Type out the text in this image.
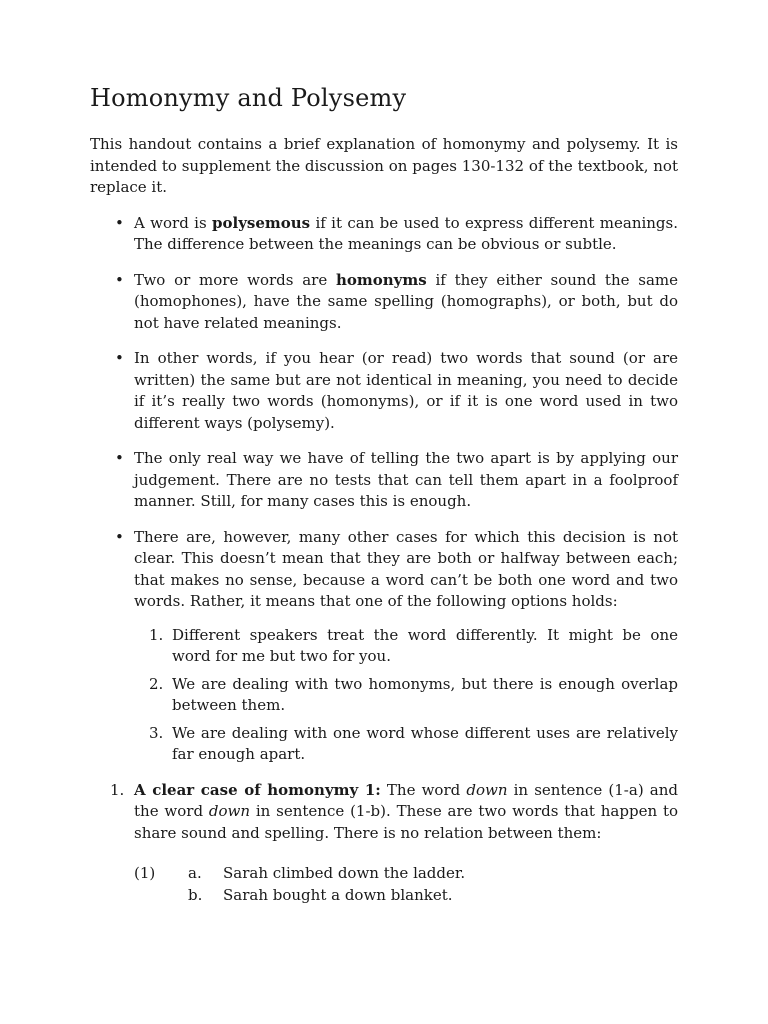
Homonymy and Polysemy

This handout contains a brief explanation of homonymy and polysemy. It is intended to supplement the discussion on pages 130-132 of the textbook, not replace it.

• A word is polysemous if it can be used to express different meanings. The difference between the meanings can be obvious or subtle.
• Two or more words are homonyms if they either sound the same (homophones), have the same spelling (homographs), or both, but do not have related meanings.
• In other words, if you hear (or read) two words that sound (or are written) the same but are not identical in meaning, you need to decide if it’s really two words (homonyms), or if it is one word used in two different ways (polysemy).
• The only real way we have of telling the two apart is by applying our judgement. There are no tests that can tell them apart in a foolproof manner. Still, for many cases this is enough.
• There are, however, many other cases for which this decision is not clear. This doesn’t mean that they are both or halfway between each; that makes no sense, because a word can’t be both one word and two words. Rather, it means that one of the following options holds:
1. Different speakers treat the word differently. It might be one word for me but two for you.
2. We are dealing with two homonyms, but there is enough overlap between them.
3. We are dealing with one word whose different uses are relatively far enough apart.

1. A clear case of homonymy 1: The word down in sentence (1-a) and the word down in sentence (1-b). These are two words that happen to share sound and spelling. There is no relation between them:

(1) a. Sarah climbed down the ladder.
b. Sarah bought a down blanket.
